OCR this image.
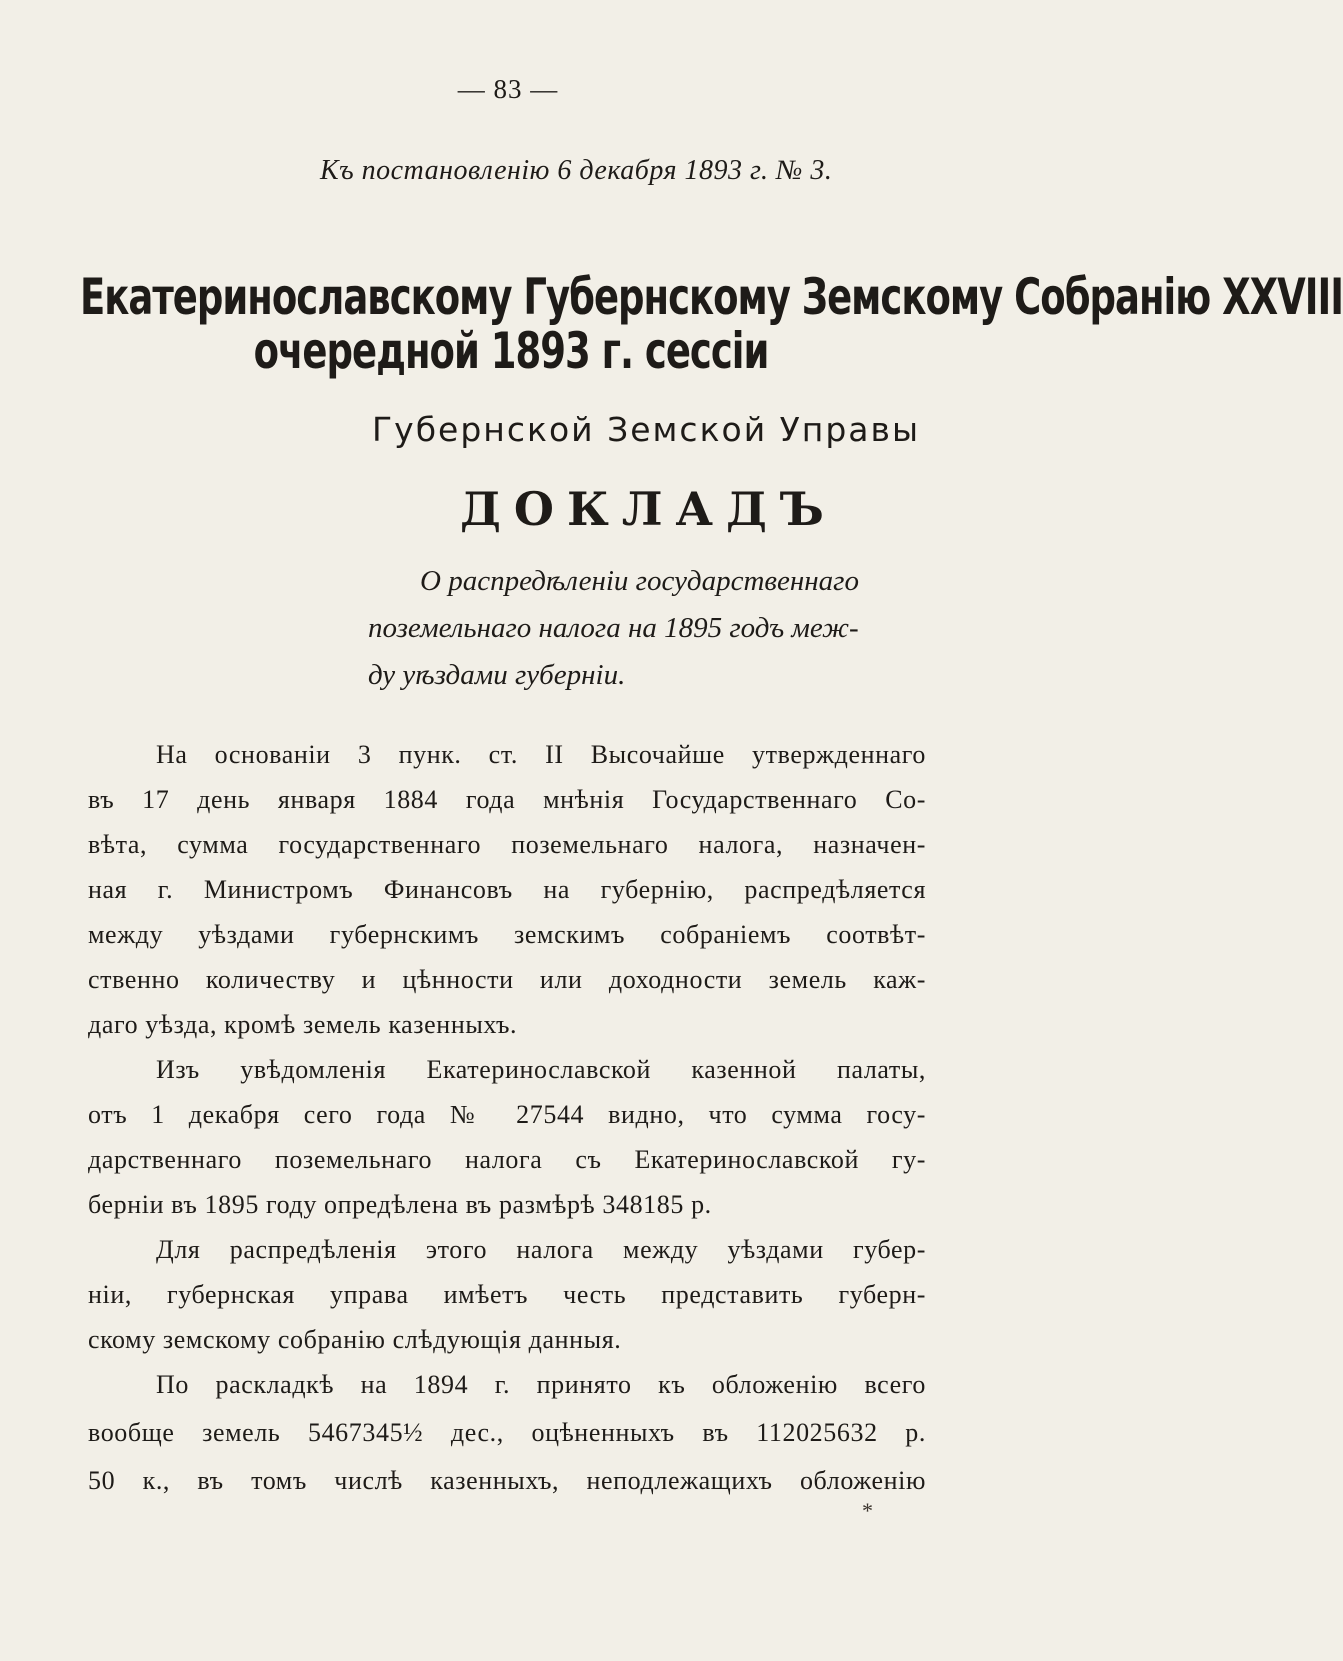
— 83 —
Къ постановленію 6 декабря 1893 г. № 3.
Екатеринославскому Губернскому Земскому Собранію XXVIII
очередной 1893 г. сессіи
Губернской Земской Управы
ДОКЛАДЪ
О распредѣленіи государственнаго
поземельнаго налога на 1895 годъ меж-
ду уѣздами губерніи.
На основаніи 3 пунк. ст. II Высочайше утвержденнаго
въ 17 день января 1884 года мнѣнія Государственнаго Со-
вѣта, сумма государственнаго поземельнаго налога, назначен-
ная г. Министромъ Финансовъ на губернію, распредѣляется
между уѣздами губернскимъ земскимъ собраніемъ соотвѣт-
ственно количеству и цѣнности или доходности земель каж-
даго уѣзда, кромѣ земель казенныхъ.
Изъ увѣдомленія Екатеринославской казенной палаты,
отъ 1 декабря сего года № 27544 видно, что сумма госу-
дарственнаго поземельнаго налога съ Екатеринославской гу-
берніи въ 1895 году опредѣлена въ размѣрѣ 348185 р.
Для распредѣленія этого налога между уѣздами губер-
ніи, губернская управа имѣетъ честь представить губерн-
скому земскому собранію слѣдующія данныя.
По раскладкѣ на 1894 г. принято къ обложенію всего
вообще земель 5467345½ дес., оцѣненныхъ въ 112025632 р.
50 к., въ томъ числѣ казенныхъ, неподлежащихъ обложенію
*
